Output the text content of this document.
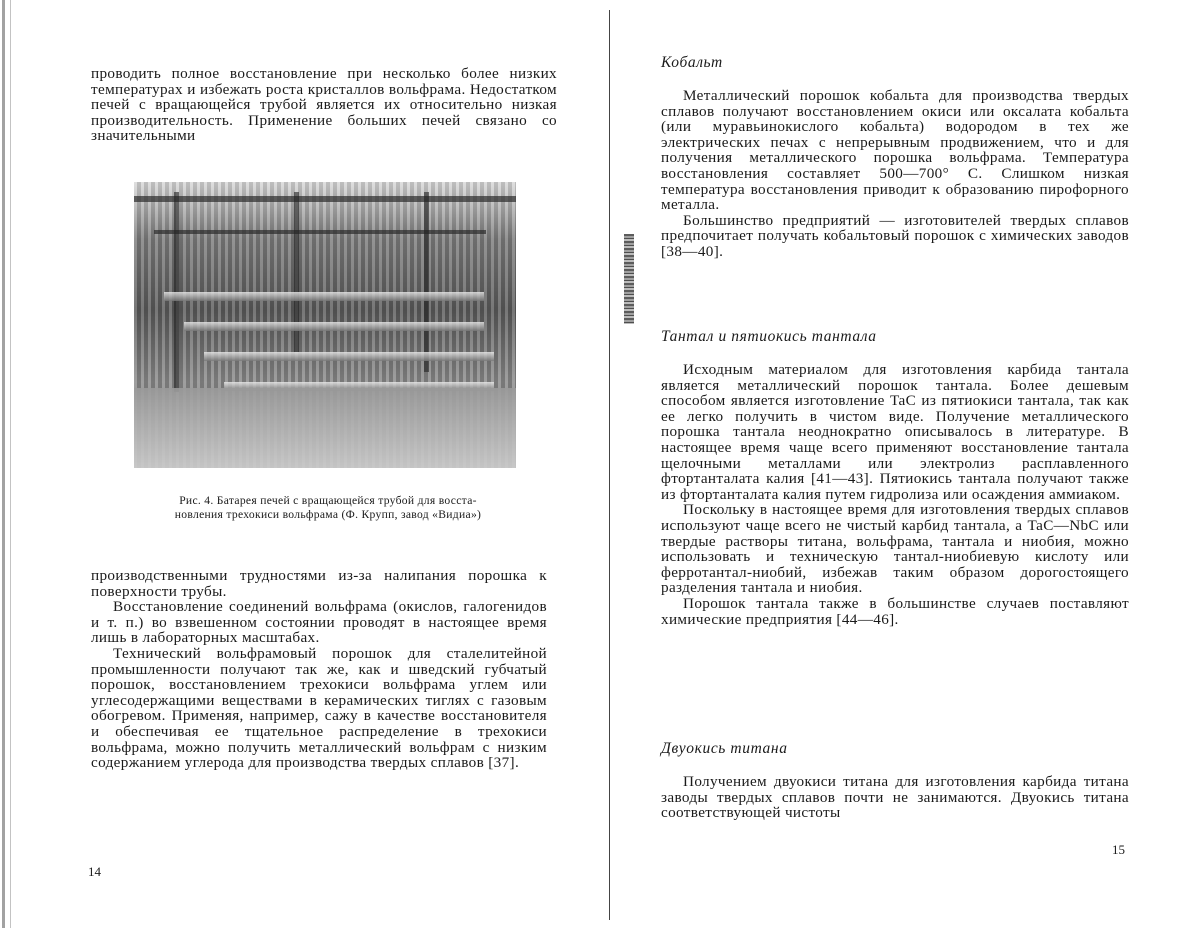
проводить полное восстановление при несколько более низких температурах и избежать роста кристаллов вольфрама. Недостатком печей с вращающейся трубой является их относительно низкая производительность. Применение больших печей связано со значительными

Рис. 4. Батарея печей с вращающейся трубой для восста-
новления трехокиси вольфрама (Ф. Крупп, завод «Видиа»)

производственными трудностями из-за налипания порошка к поверхности трубы.

Восстановление соединений вольфрама (окислов, галогенидов и т. п.) во взвешенном состоянии проводят в настоящее время лишь в лабораторных масштабах.

Технический вольфрамовый порошок для сталелитейной промышленности получают так же, как и шведский губчатый порошок, восстановлением трехокиси вольфрама углем или углесодержащими веществами в керамических тиглях с газовым обогревом. Применяя, например, сажу в качестве восстановителя и обеспечивая ее тщательное распределение в трехокиси вольфрама, можно получить металлический вольфрам с низким содержанием углерода для производства твердых сплавов [37].

14

Кобальт

Металлический порошок кобальта для производства твердых сплавов получают восстановлением окиси или оксалата кобальта (или муравьинокислого кобальта) водородом в тех же электрических печах с непрерывным продвижением, что и для получения металлического порошка вольфрама. Температура восстановления составляет 500—700° С. Слишком низкая температура восстановления приводит к образованию пирофорного металла.

Большинство предприятий — изготовителей твердых сплавов предпочитает получать кобальтовый порошок с химических заводов [38—40].

Тантал и пятиокись тантала

Исходным материалом для изготовления карбида тантала является металлический порошок тантала. Более дешевым способом является изготовление TaC из пятиокиси тантала, так как ее легко получить в чистом виде. Получение металлического порошка тантала неоднократно описывалось в литературе. В настоящее время чаще всего применяют восстановление тантала щелочными металлами или электролиз расплавленного фтортанталата калия [41—43]. Пятиокись тантала получают также из фтортанталата калия путем гидролиза или осаждения аммиаком.

Поскольку в настоящее время для изготовления твердых сплавов используют чаще всего не чистый карбид тантала, а TaC—NbC или твердые растворы титана, вольфрама, тантала и ниобия, можно использовать и техническую тантал-ниобиевую кислоту или ферротантал-ниобий, избежав таким образом дорогостоящего разделения тантала и ниобия.

Порошок тантала также в большинстве случаев поставляют химические предприятия [44—46].

Двуокись титана

Получением двуокиси титана для изготовления карбида титана заводы твердых сплавов почти не занимаются. Двуокись титана соответствующей чистоты

15
